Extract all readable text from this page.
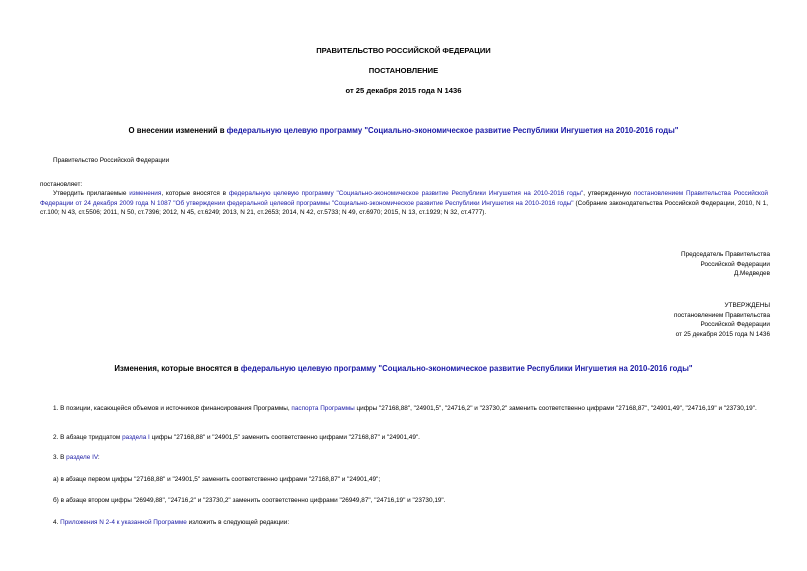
ПРАВИТЕЛЬСТВО РОССИЙСКОЙ ФЕДЕРАЦИИ
ПОСТАНОВЛЕНИЕ
от 25 декабря 2015 года N 1436
О внесении изменений в федеральную целевую программу "Социально-экономическое развитие Республики Ингушетия на 2010-2016 годы"
Правительство Российской Федерации
постановляет:
Утвердить прилагаемые изменения, которые вносятся в федеральную целевую программу "Социально-экономическое развитие Республики Ингушетия на 2010-2016 годы", утвержденную постановлением Правительства Российской Федерации от 24 декабря 2009 года N 1087 "Об утверждении федеральной целевой программы "Социально-экономическое развитие Республики Ингушетия на 2010-2016 годы" (Собрание законодательства Российской Федерации, 2010, N 1, ст.100; N 43, ст.5506; 2011, N 50, ст.7396; 2012, N 45, ст.6249; 2013, N 21, ст.2653; 2014, N 42, ст.5733; N 49, ст.6970; 2015, N 13, ст.1929; N 32, ст.4777).
Председатель Правительства
Российской Федерации
Д.Медведев
УТВЕРЖДЕНЫ
постановлением Правительства
Российской Федерации
от 25 декабря 2015 года N 1436
Изменения, которые вносятся в федеральную целевую программу "Социально-экономическое развитие Республики Ингушетия на 2010-2016 годы"
1. В позиции, касающейся объемов и источников финансирования Программы, паспорта Программы цифры "27168,88", "24901,5", "24716,2" и "23730,2" заменить соответственно цифрами "27168,87", "24901,49", "24716,19" и "23730,19".
2. В абзаце тридцатом раздела I цифры "27168,88" и "24901,5" заменить соответственно цифрами "27168,87" и "24901,49".
3. В разделе IV:
а) в абзаце первом цифры "27168,88" и "24901,5" заменить соответственно цифрами "27168,87" и "24901,49";
б) в абзаце втором цифры "26949,88", "24716,2" и "23730,2" заменить соответственно цифрами "26949,87", "24716,19" и "23730,19".
4. Приложения N 2-4 к указанной Программе изложить в следующей редакции:
